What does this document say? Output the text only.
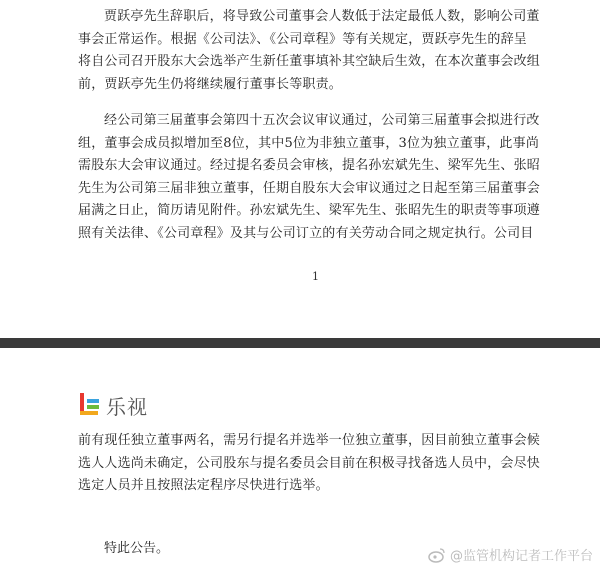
贾跃亭先生辞职后，将导致公司董事会人数低于法定最低人数，影响公司董
事会正常运作。根据《公司法》、《公司章程》等有关规定，贾跃亭先生的辞呈
将自公司召开股东大会选举产生新任董事填补其空缺后生效，在本次董事会改组
前，贾跃亭先生仍将继续履行董事长等职责。

经公司第三届董事会第四十五次会议审议通过，公司第三届董事会拟进行改
组，董事会成员拟增加至8位，其中5位为非独立董事，3位为独立董事，此事尚
需股东大会审议通过。经过提名委员会审核，提名孙宏斌先生、梁军先生、张昭
先生为公司第三届非独立董事，任期自股东大会审议通过之日起至第三届董事会
届满之日止，简历请见附件。孙宏斌先生、梁军先生、张昭先生的职责等事项遵
照有关法律、《公司章程》及其与公司订立的有关劳动合同之规定执行。公司目

1
乐视

前有现任独立董事两名，需另行提名并选举一位独立董事，因目前独立董事会候
选人人选尚未确定，公司股东与提名委员会目前在积极寻找备选人员中，会尽快
选定人员并且按照法定程序尽快进行选举。

特此公告。
@监管机构记者工作平台
